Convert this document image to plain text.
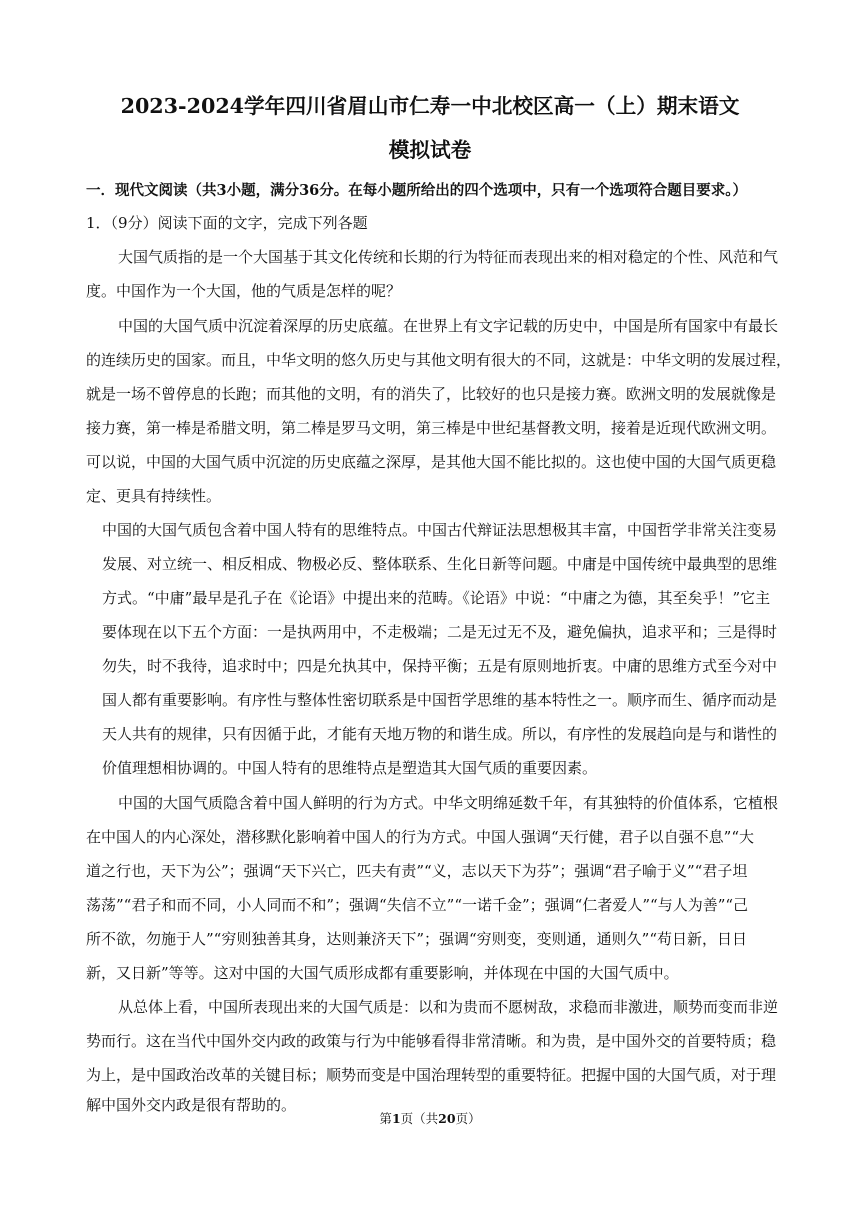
2023-2024学年四川省眉山市仁寿一中北校区高一（上）期末语文
模拟试卷
一．现代文阅读（共3小题，满分36分。在每小题所给出的四个选项中，只有一个选项符合题目要求。）
1．（9分）阅读下面的文字，完成下列各题
大国气质指的是一个大国基于其文化传统和长期的行为特征而表现出来的相对稳定的个性、风范和气
度。中国作为一个大国，他的气质是怎样的呢？
中国的大国气质中沉淀着深厚的历史底蕴。在世界上有文字记载的历史中，中国是所有国家中有最长
的连续历史的国家。而且，中华文明的悠久历史与其他文明有很大的不同，这就是：中华文明的发展过程，
就是一场不曾停息的长跑；而其他的文明，有的消失了，比较好的也只是接力赛。欧洲文明的发展就像是
接力赛，第一棒是希腊文明，第二棒是罗马文明，第三棒是中世纪基督教文明，接着是近现代欧洲文明。
可以说，中国的大国气质中沉淀的历史底蕴之深厚，是其他大国不能比拟的。这也使中国的大国气质更稳
定、更具有持续性。
中国的大国气质包含着中国人特有的思维特点。中国古代辩证法思想极其丰富，中国哲学非常关注变易
发展、对立统一、相反相成、物极必反、整体联系、生化日新等问题。中庸是中国传统中最典型的思维
方式。“中庸”最早是孔子在《论语》中提出来的范畴。《论语》中说：“中庸之为德，其至矣乎！”它主
要体现在以下五个方面：一是执两用中，不走极端；二是无过无不及，避免偏执，追求平和；三是得时
勿失，时不我待，追求时中；四是允执其中，保持平衡；五是有原则地折衷。中庸的思维方式至今对中
国人都有重要影响。有序性与整体性密切联系是中国哲学思维的基本特性之一。顺序而生、循序而动是
天人共有的规律，只有因循于此，才能有天地万物的和谐生成。所以，有序性的发展趋向是与和谐性的
价值理想相协调的。中国人特有的思维特点是塑造其大国气质的重要因素。
中国的大国气质隐含着中国人鲜明的行为方式。中华文明绵延数千年，有其独特的价值体系，它植根
在中国人的内心深处，潜移默化影响着中国人的行为方式。中国人强调“天行健，君子以自强不息”“大
道之行也，天下为公”；强调“天下兴亡，匹夫有责”“义，志以天下为芬”；强调“君子喻于义”“君子坦
荡荡”“君子和而不同，小人同而不和”；强调“失信不立”“一诺千金”；强调“仁者爱人”“与人为善”“己
所不欲，勿施于人”“穷则独善其身，达则兼济天下”；强调“穷则变，变则通，通则久”“苟日新，日日
新，又日新”等等。这对中国的大国气质形成都有重要影响，并体现在中国的大国气质中。
从总体上看，中国所表现出来的大国气质是：以和为贵而不愿树敌，求稳而非激进，顺势而变而非逆
势而行。这在当代中国外交内政的政策与行为中能够看得非常清晰。和为贵，是中国外交的首要特质；稳
为上，是中国政治改革的关键目标；顺势而变是中国治理转型的重要特征。把握中国的大国气质，对于理
解中国外交内政是很有帮助的。
第1页（共20页）
